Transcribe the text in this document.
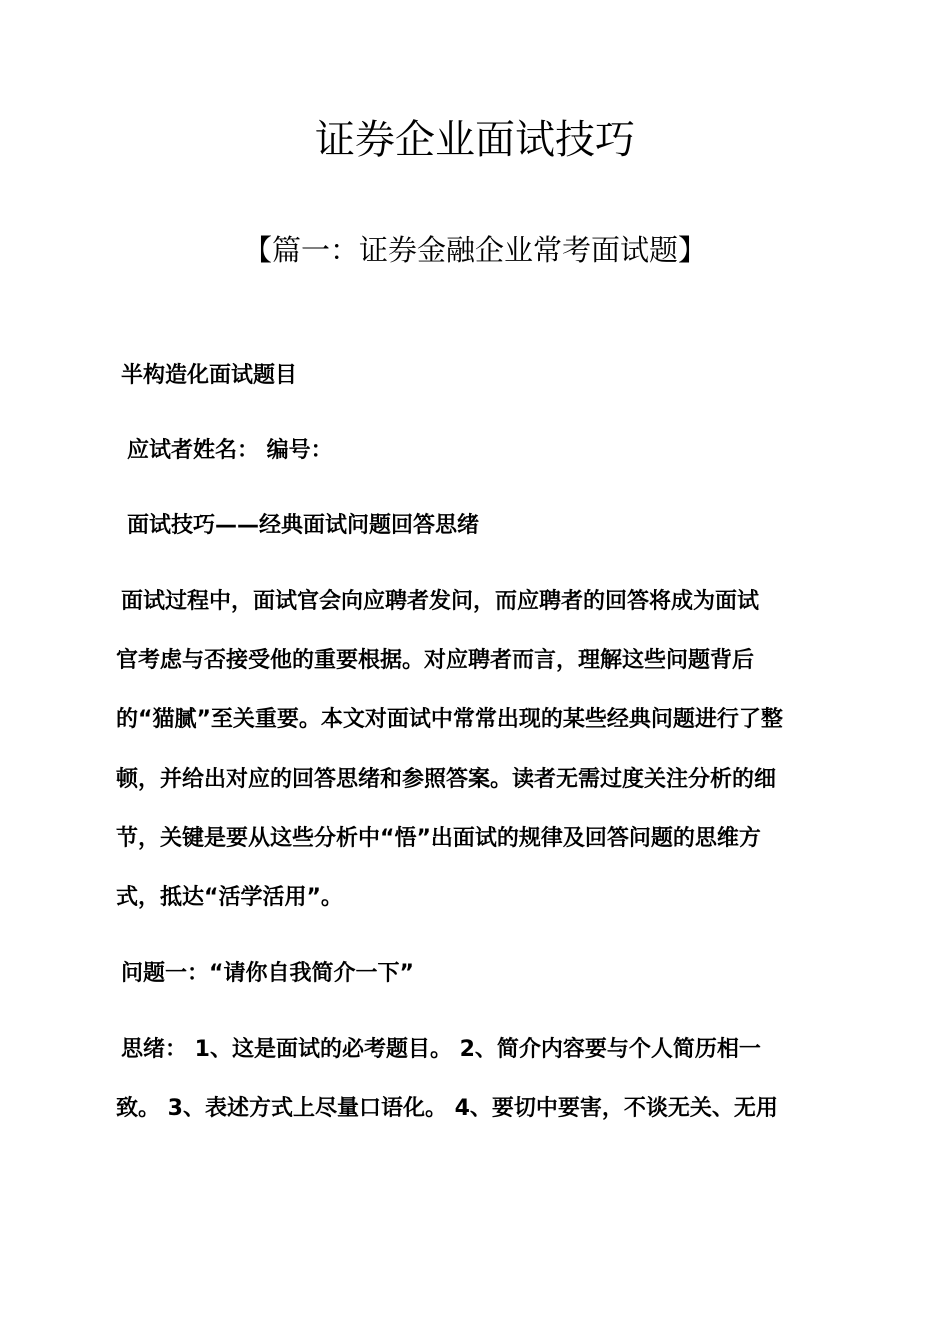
证券企业面试技巧
【篇一：证券金融企业常考面试题】

半构造化面试题目

应试者姓名： 编号：

面试技巧——经典面试问题回答思绪

面试过程中，面试官会向应聘者发问，而应聘者的回答将成为面试

官考虑与否接受他的重要根据。对应聘者而言，理解这些问题背后

的“猫腻”至关重要。本文对面试中常常出现的某些经典问题进行了整

顿，并给出对应的回答思绪和参照答案。读者无需过度关注分析的细

节，关键是要从这些分析中“悟”出面试的规律及回答问题的思维方

式，抵达“活学活用”。

问题一：“请你自我简介一下”

思绪： 1、这是面试的必考题目。 2、简介内容要与个人简历相一

致。 3、表述方式上尽量口语化。 4、要切中要害，不谈无关、无用
